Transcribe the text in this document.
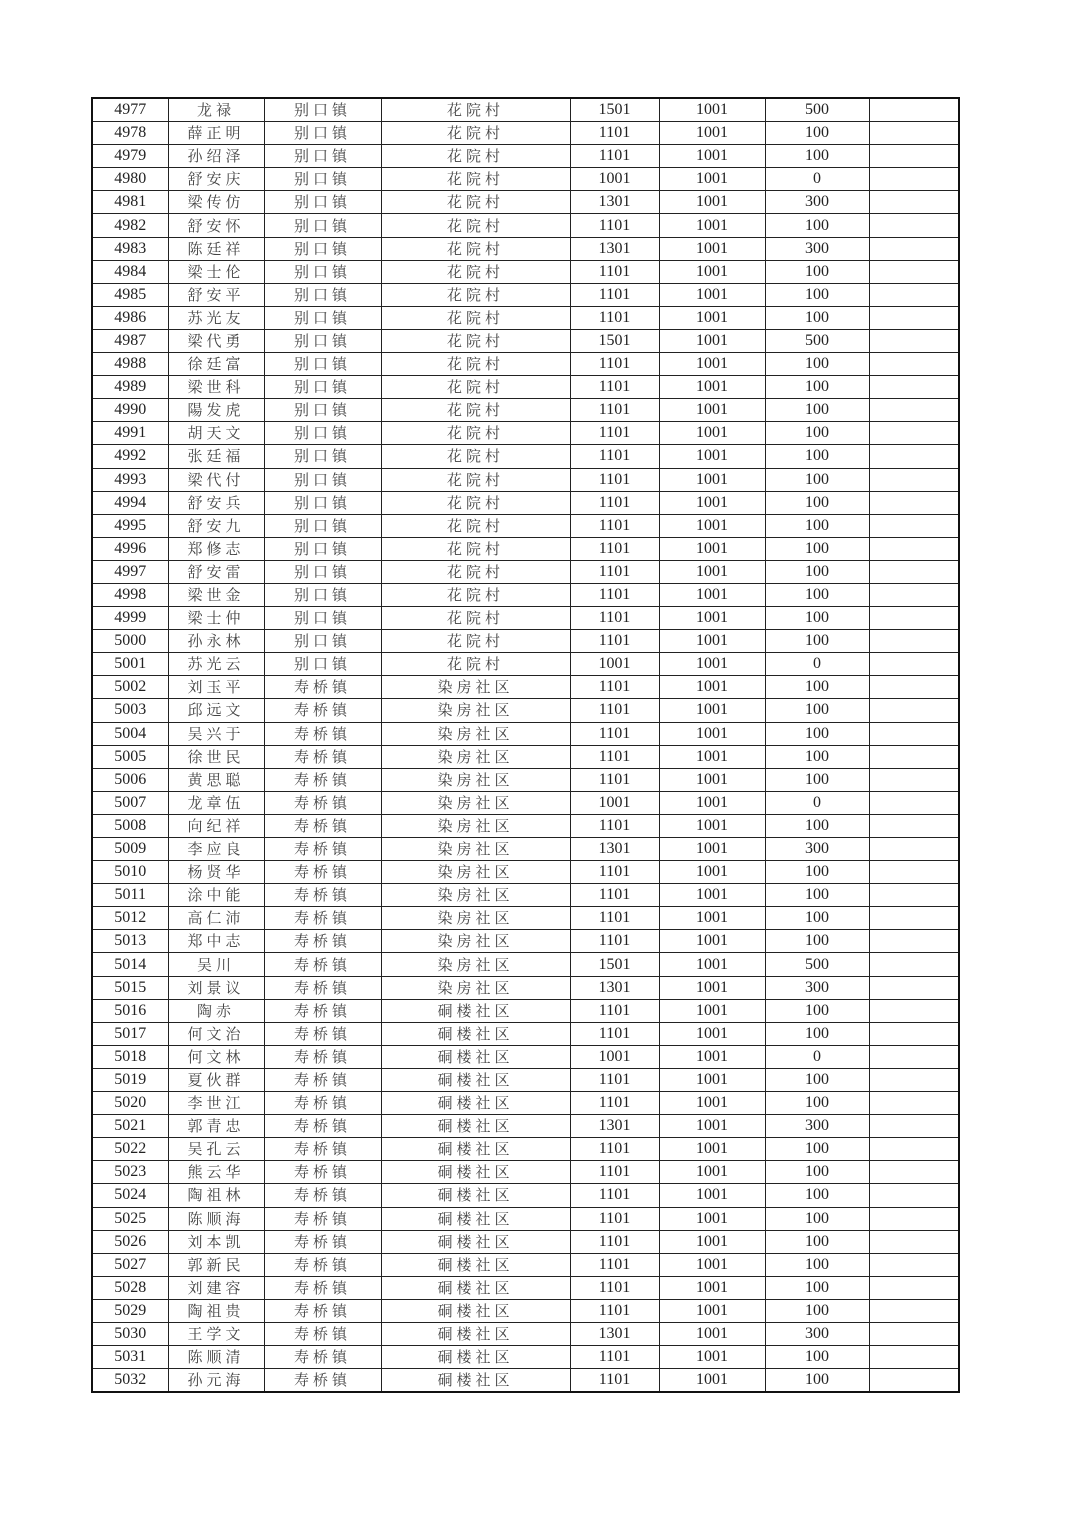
4977	龙禄	别口镇	花院村	1501	1001	500	
4978	薛正明	别口镇	花院村	1101	1001	100	
4979	孙绍泽	别口镇	花院村	1101	1001	100	
4980	舒安庆	别口镇	花院村	1001	1001	0	
4981	梁传仿	别口镇	花院村	1301	1001	300	
4982	舒安怀	别口镇	花院村	1101	1001	100	
4983	陈廷祥	别口镇	花院村	1301	1001	300	
4984	梁士伦	别口镇	花院村	1101	1001	100	
4985	舒安平	别口镇	花院村	1101	1001	100	
4986	苏光友	别口镇	花院村	1101	1001	100	
4987	梁代勇	别口镇	花院村	1501	1001	500	
4988	徐廷富	别口镇	花院村	1101	1001	100	
4989	梁世科	别口镇	花院村	1101	1001	100	
4990	陽发虎	别口镇	花院村	1101	1001	100	
4991	胡天文	别口镇	花院村	1101	1001	100	
4992	张廷福	别口镇	花院村	1101	1001	100	
4993	梁代付	别口镇	花院村	1101	1001	100	
4994	舒安兵	别口镇	花院村	1101	1001	100	
4995	舒安九	别口镇	花院村	1101	1001	100	
4996	郑修志	别口镇	花院村	1101	1001	100	
4997	舒安雷	别口镇	花院村	1101	1001	100	
4998	梁世金	别口镇	花院村	1101	1001	100	
4999	梁士仲	别口镇	花院村	1101	1001	100	
5000	孙永林	别口镇	花院村	1101	1001	100	
5001	苏光云	别口镇	花院村	1001	1001	0	
5002	刘玉平	寿桥镇	染房社区	1101	1001	100	
5003	邱远文	寿桥镇	染房社区	1101	1001	100	
5004	吴兴于	寿桥镇	染房社区	1101	1001	100	
5005	徐世民	寿桥镇	染房社区	1101	1001	100	
5006	黄思聪	寿桥镇	染房社区	1101	1001	100	
5007	龙章伍	寿桥镇	染房社区	1001	1001	0	
5008	向纪祥	寿桥镇	染房社区	1101	1001	100	
5009	李应良	寿桥镇	染房社区	1301	1001	300	
5010	杨贤华	寿桥镇	染房社区	1101	1001	100	
5011	涂中能	寿桥镇	染房社区	1101	1001	100	
5012	高仁沛	寿桥镇	染房社区	1101	1001	100	
5013	郑中志	寿桥镇	染房社区	1101	1001	100	
5014	吴川	寿桥镇	染房社区	1501	1001	500	
5015	刘景议	寿桥镇	染房社区	1301	1001	300	
5016	陶赤	寿桥镇	硐楼社区	1101	1001	100	
5017	何文治	寿桥镇	硐楼社区	1101	1001	100	
5018	何文林	寿桥镇	硐楼社区	1001	1001	0	
5019	夏伙群	寿桥镇	硐楼社区	1101	1001	100	
5020	李世江	寿桥镇	硐楼社区	1101	1001	100	
5021	郭青忠	寿桥镇	硐楼社区	1301	1001	300	
5022	吴孔云	寿桥镇	硐楼社区	1101	1001	100	
5023	熊云华	寿桥镇	硐楼社区	1101	1001	100	
5024	陶祖林	寿桥镇	硐楼社区	1101	1001	100	
5025	陈顺海	寿桥镇	硐楼社区	1101	1001	100	
5026	刘本凯	寿桥镇	硐楼社区	1101	1001	100	
5027	郭新民	寿桥镇	硐楼社区	1101	1001	100	
5028	刘建容	寿桥镇	硐楼社区	1101	1001	100	
5029	陶祖贵	寿桥镇	硐楼社区	1101	1001	100	
5030	王学文	寿桥镇	硐楼社区	1301	1001	300	
5031	陈顺清	寿桥镇	硐楼社区	1101	1001	100	
5032	孙元海	寿桥镇	硐楼社区	1101	1001	100	
